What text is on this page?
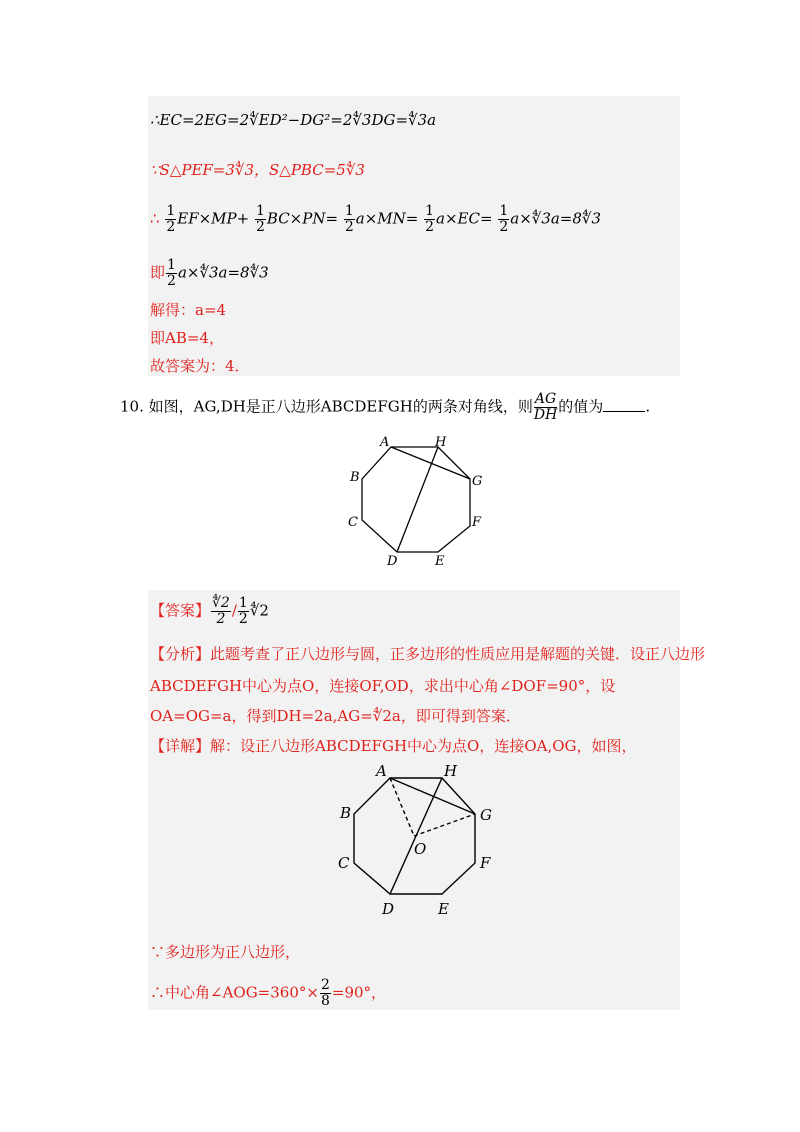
∴EC=2EG=2∜ED²−DG²=2∜3DG=∜3a
∵S△PEF=3∜3，S△PBC=5∜3
∴ $\frac{1}{2} EF\times MP+ \frac{1}{2} BC\times PN= \frac{1}{2} a\times MN= \frac{1}{2} a\times EC= \frac{1}{2}$ a×∜3a=8∜3
即 $\frac{1}{2}$ a×∜3a=8∜3
解得：a=4
即AB=4，
故答案为：4．
10. 如图，AG,DH是正八边形ABCDEFGH的两条对角线，则 $\frac{AG}{DH}$ 的值为	.
A	H
G
F
E
D
C
B
【答案】 $\frac{∜2}{2} / \frac{1}{2}$ ∜2
【分析】此题考查了正八边形与圆，正多边形的性质应用是解题的关键．设正八边形
ABCDEFGH中心为点O，连接OF,OD，求出中心角∠DOF=90°，设
OA=OG=a，得到DH=2a,AG=∜2a，即可得到答案．
【详解】解：设正八边形ABCDEFGH中心为点O，连接OA,OG，如图，
A	H
G
F
E
D
C
B
O
∵多边形为正八边形，
∴中心角∠AOG=360°× $\frac{2}{8} =90^\circ$，
